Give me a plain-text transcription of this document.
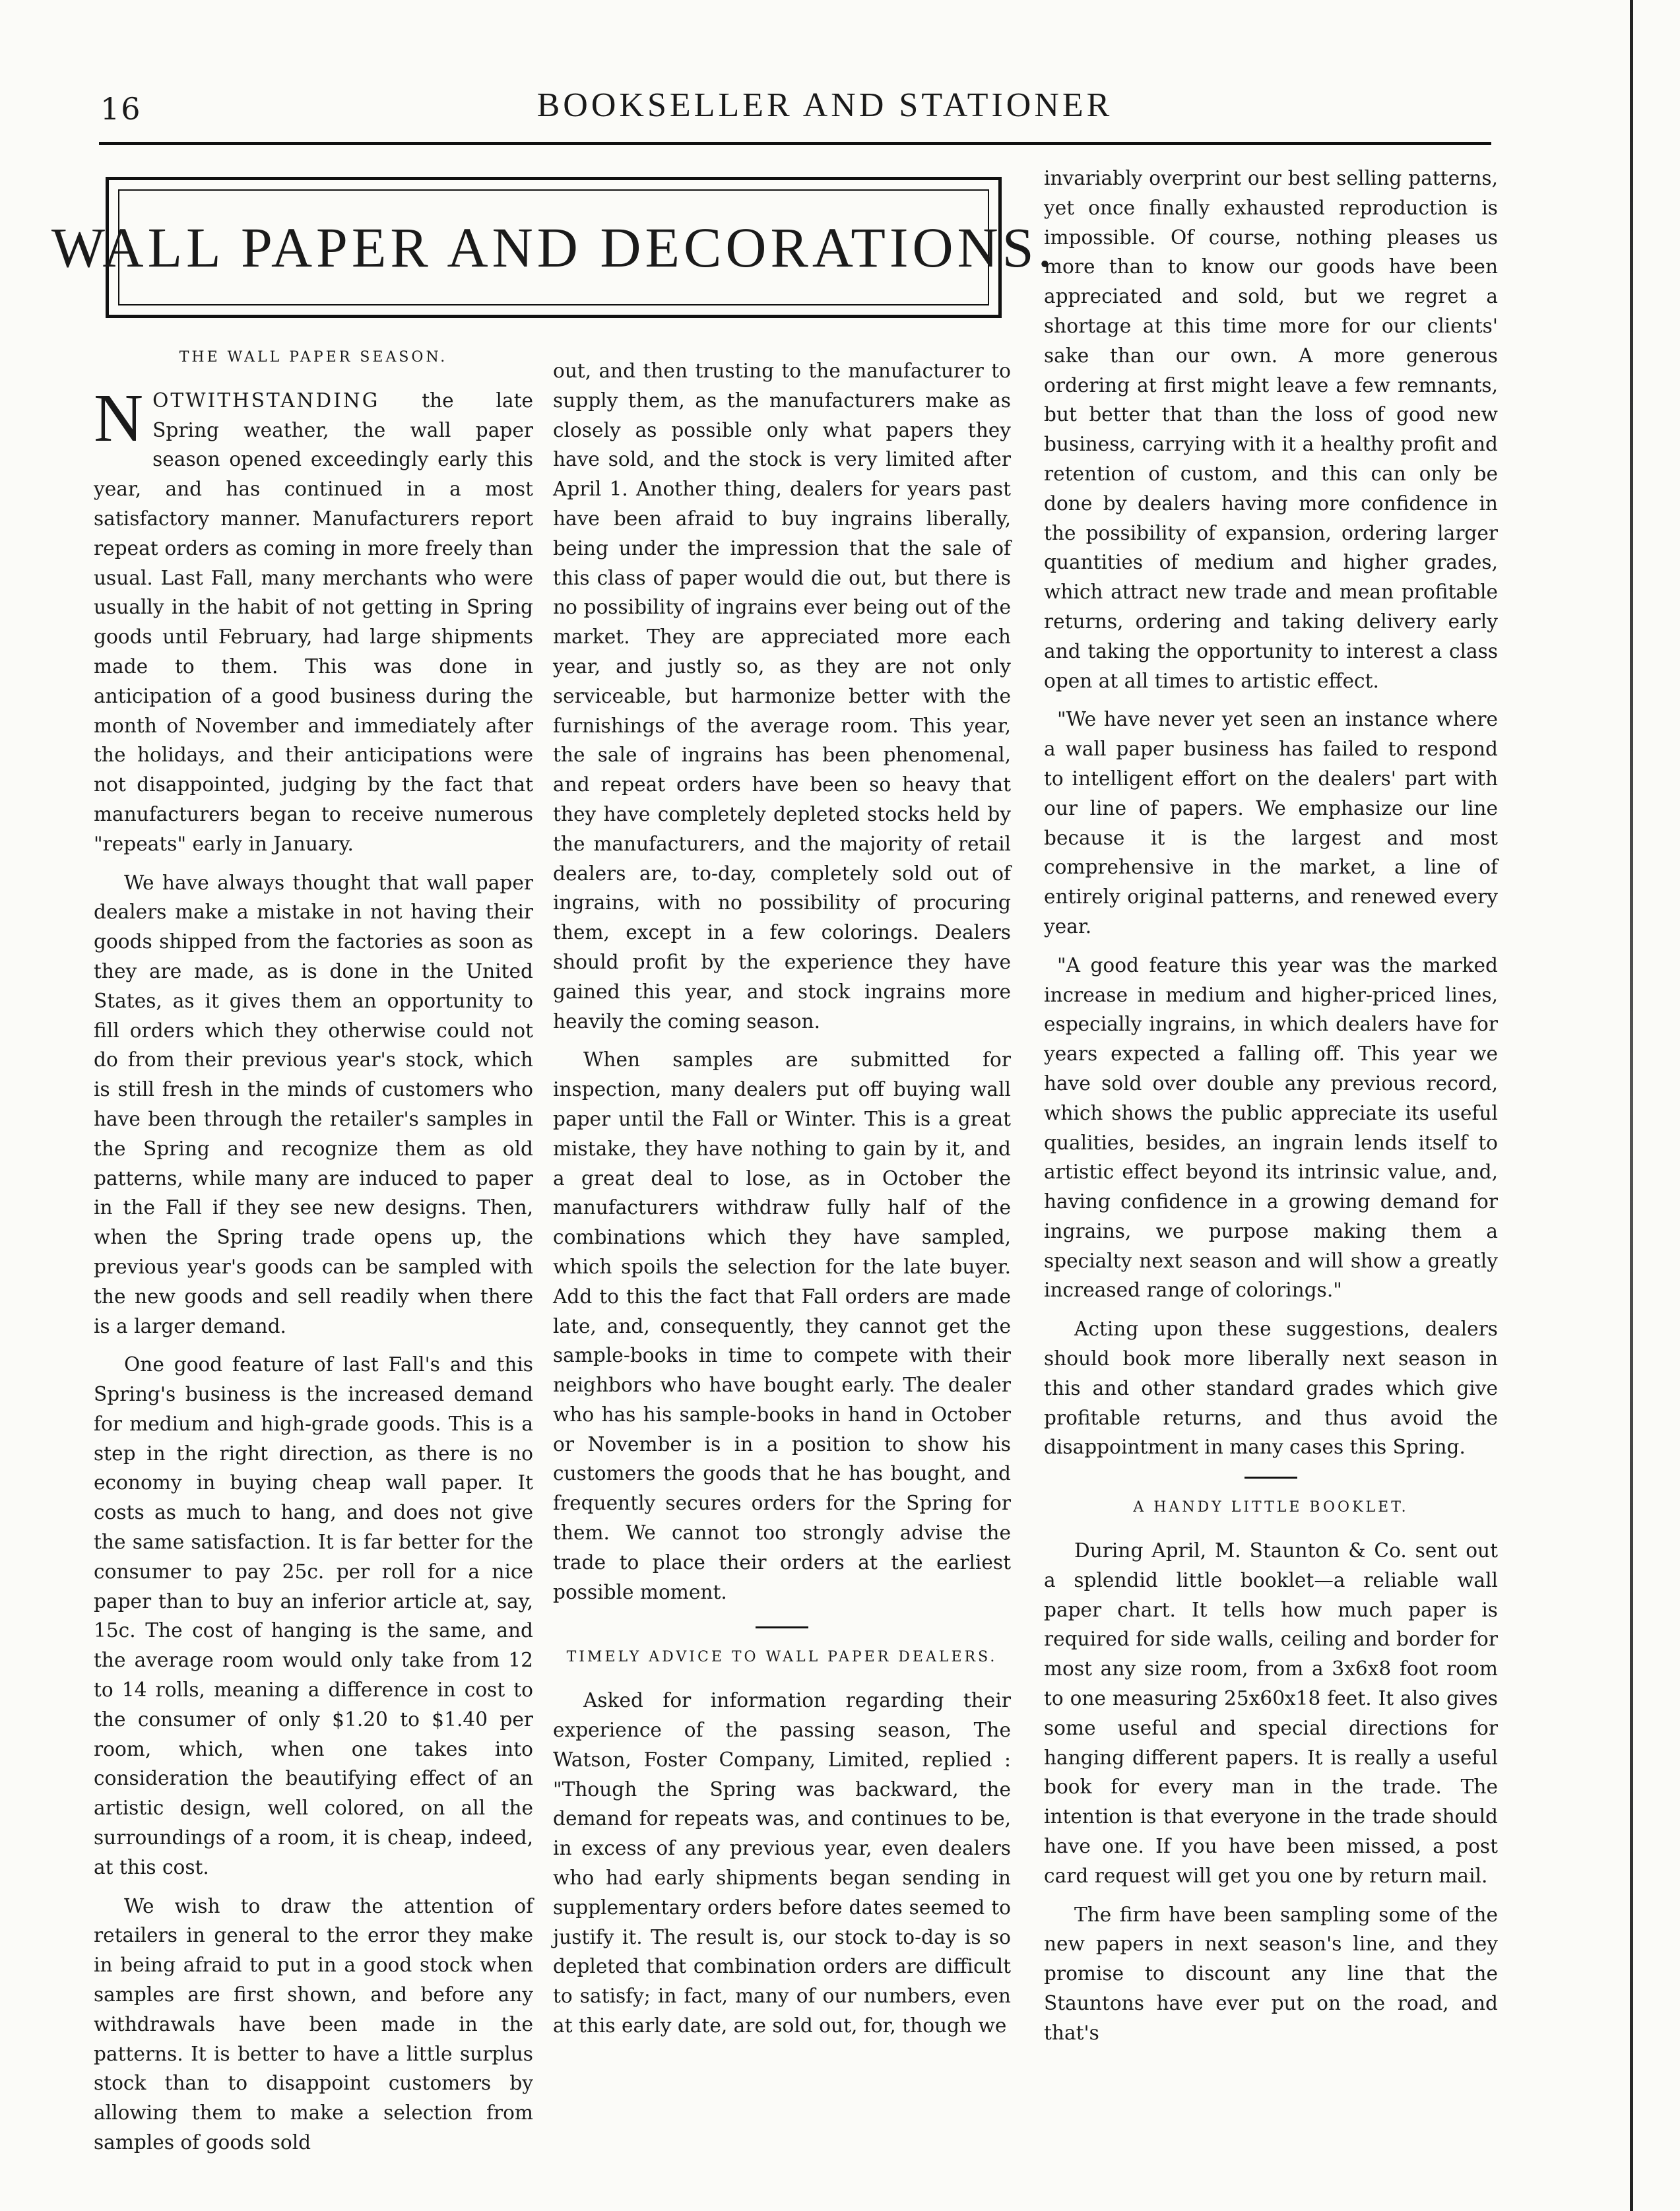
16	BOOKSELLER AND STATIONER
WALL PAPER AND DECORATIONS.
THE WALL PAPER SEASON.

NOTWITHSTANDING the late Spring weather, the wall paper season opened exceedingly early this year, and has continued in a most satisfactory manner. Manufacturers report repeat orders as coming in more freely than usual. Last Fall, many merchants who were usually in the habit of not getting in Spring goods until February, had large shipments made to them. This was done in anticipation of a good business during the month of November and immediately after the holidays, and their anticipations were not disappointed, judging by the fact that manufacturers began to receive numerous "repeats" early in January.

We have always thought that wall paper dealers make a mistake in not having their goods shipped from the factories as soon as they are made, as is done in the United States, as it gives them an opportunity to fill orders which they otherwise could not do from their previous year's stock, which is still fresh in the minds of customers who have been through the retailer's samples in the Spring and recognize them as old patterns, while many are induced to paper in the Fall if they see new designs. Then, when the Spring trade opens up, the previous year's goods can be sampled with the new goods and sell readily when there is a larger demand.

One good feature of last Fall's and this Spring's business is the increased demand for medium and high-grade goods. This is a step in the right direction, as there is no economy in buying cheap wall paper. It costs as much to hang, and does not give the same satisfaction. It is far better for the consumer to pay 25c. per roll for a nice paper than to buy an inferior article at, say, 15c. The cost of hanging is the same, and the average room would only take from 12 to 14 rolls, meaning a difference in cost to the consumer of only $1.20 to $1.40 per room, which, when one takes into consideration the beautifying effect of an artistic design, well colored, on all the surroundings of a room, it is cheap, indeed, at this cost.

We wish to draw the attention of retailers in general to the error they make in being afraid to put in a good stock when samples are first shown, and before any withdrawals have been made in the patterns. It is better to have a little surplus stock than to disappoint customers by allowing them to make a selection from samples of goods sold

out, and then trusting to the manufacturer to supply them, as the manufacturers make as closely as possible only what papers they have sold, and the stock is very limited after April 1. Another thing, dealers for years past have been afraid to buy ingrains liberally, being under the impression that the sale of this class of paper would die out, but there is no possibility of ingrains ever being out of the market. They are appreciated more each year, and justly so, as they are not only serviceable, but harmonize better with the furnishings of the average room. This year, the sale of ingrains has been phenomenal, and repeat orders have been so heavy that they have completely depleted stocks held by the manufacturers, and the majority of retail dealers are, to-day, completely sold out of ingrains, with no possibility of procuring them, except in a few colorings. Dealers should profit by the experience they have gained this year, and stock ingrains more heavily the coming season.

When samples are submitted for inspection, many dealers put off buying wall paper until the Fall or Winter. This is a great mistake, they have nothing to gain by it, and a great deal to lose, as in October the manufacturers withdraw fully half of the combinations which they have sampled, which spoils the selection for the late buyer. Add to this the fact that Fall orders are made late, and, consequently, they cannot get the sample-books in time to compete with their neighbors who have bought early. The dealer who has his sample-books in hand in October or November is in a position to show his customers the goods that he has bought, and frequently secures orders for the Spring for them. We cannot too strongly advise the trade to place their orders at the earliest possible moment.

TIMELY ADVICE TO WALL PAPER DEALERS.

Asked for information regarding their experience of the passing season, The Watson, Foster Company, Limited, replied : "Though the Spring was backward, the demand for repeats was, and continues to be, in excess of any previous year, even dealers who had early shipments began sending in supplementary orders before dates seemed to justify it. The result is, our stock to-day is so depleted that combination orders are difficult to satisfy; in fact, many of our numbers, even at this early date, are sold out, for, though we

invariably overprint our best selling patterns, yet once finally exhausted reproduction is impossible. Of course, nothing pleases us more than to know our goods have been appreciated and sold, but we regret a shortage at this time more for our clients' sake than our own. A more generous ordering at first might leave a few remnants, but better that than the loss of good new business, carrying with it a healthy profit and retention of custom, and this can only be done by dealers having more confidence in the possibility of expansion, ordering larger quantities of medium and higher grades, which attract new trade and mean profitable returns, ordering and taking delivery early and taking the opportunity to interest a class open at all times to artistic effect.

"We have never yet seen an instance where a wall paper business has failed to respond to intelligent effort on the dealers' part with our line of papers. We emphasize our line because it is the largest and most comprehensive in the market, a line of entirely original patterns, and renewed every year.

"A good feature this year was the marked increase in medium and higher-priced lines, especially ingrains, in which dealers have for years expected a falling off. This year we have sold over double any previous record, which shows the public appreciate its useful qualities, besides, an ingrain lends itself to artistic effect beyond its intrinsic value, and, having confidence in a growing demand for ingrains, we purpose making them a specialty next season and will show a greatly increased range of colorings."

Acting upon these suggestions, dealers should book more liberally next season in this and other standard grades which give profitable returns, and thus avoid the disappointment in many cases this Spring.

A HANDY LITTLE BOOKLET.

During April, M. Staunton & Co. sent out a splendid little booklet—a reliable wall paper chart. It tells how much paper is required for side walls, ceiling and border for most any size room, from a 3x6x8 foot room to one measuring 25x60x18 feet. It also gives some useful and special directions for hanging different papers. It is really a useful book for every man in the trade. The intention is that everyone in the trade should have one. If you have been missed, a post card request will get you one by return mail.

The firm have been sampling some of the new papers in next season's line, and they promise to discount any line that the Stauntons have ever put on the road, and that's
